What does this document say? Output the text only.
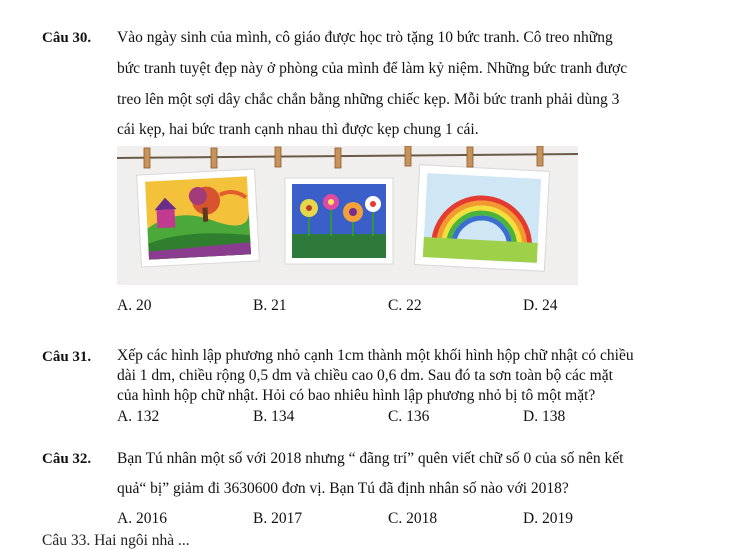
Câu 30. Vào ngày sinh của mình, cô giáo được học trò tặng 10 bức tranh. Cô treo những
bức tranh tuyệt đẹp này ở phòng của mình để làm kỷ niệm. Những bức tranh được
treo lên một sợi dây chắc chắn bằng những chiếc kẹp. Mỗi bức tranh phải dùng 3
cái kẹp, hai bức tranh cạnh nhau thì được kẹp chung 1 cái.
A. 20	B. 21	C. 22	D. 24
Câu 31. Xếp các hình lập phương nhỏ cạnh 1cm thành một khối hình hộp chữ nhật có chiều
dài 1 dm, chiều rộng 0,5 dm và chiều cao 0,6 dm. Sau đó ta sơn toàn bộ các mặt
của hình hộp chữ nhật. Hỏi có bao nhiêu hình lập phương nhỏ bị tô một mặt?
A. 132	B. 134	C. 136	D. 138
Câu 32. Bạn Tú nhân một số với 2018 nhưng “ đãng trí” quên viết chữ số 0 của số nên kết
quả“ bị” giảm đi 3630600 đơn vị. Bạn Tú đã định nhân số nào với 2018?
A. 2016	B. 2017	C. 2018	D. 2019
Câu 33. Hai ngôi nhà ...
